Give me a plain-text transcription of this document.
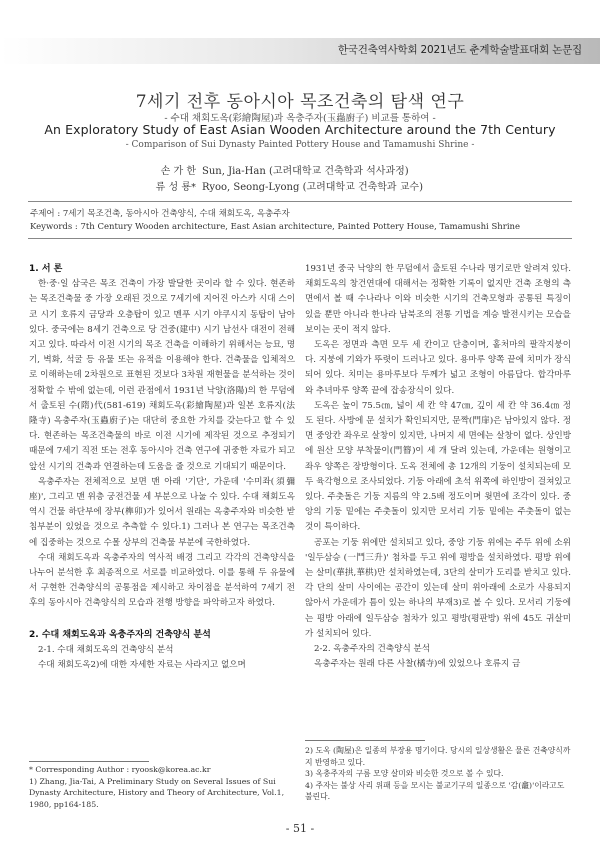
한국건축역사학회 2021년도 춘계학술발표대회 논문집
7세기 전후 동아시아 목조건축의 탐색 연구
- 수대 채회도옥(彩繪陶屋)과 옥충주자(玉蟲廚子) 비교를 통하여 -
An Exploratory Study of East Asian Wooden Architecture around the 7th Century
- Comparison of Sui Dynasty Painted Pottery House and Tamamushi Shrine -
손 가 한 Sun, Jia-Han (고려대학교 건축학과 석사과정)
류 성 룡* Ryoo, Seong-Lyong (고려대학교 건축학과 교수)
주제어 : 7세기 목조건축, 동아시아 건축양식, 수대 채회도옥, 옥충주자
Keywords : 7th Century Wooden architecture, East Asian architecture, Painted Pottery House, Tamamushi Shrine

1. 서 론

한·중·일 삼국은 목조 건축이 가장 발달한 곳이라 할 수 있다. 현존하는 목조건축물 중 가장 오래된 것으로 7세기에 지어진 아스카 시대 스이코 시기 호류지 금당과 오층탑이 있고 멘푸 시기 야쿠시지 동탑이 남아있다. 중국에는 8세기 건축으로 당 건중(建中) 시기 남선사 대전이 전해지고 있다. 따라서 이전 시기의 목조 건축을 이해하기 위해서는 능묘, 명기, 벽화, 석굴 등 유물 또는 유적을 이용해야 한다. 건축물을 입체적으로 이해하는데 2차원으로 표현된 것보다 3차원 재현물을 분석하는 것이 정확할 수 밖에 없는데, 이런 관점에서 1931년 낙양(洛陽)의 한 무덤에서 출토된 수(隋)代(581-619) 채회도옥(彩繪陶屋)과 일본 호류지(法隆寺) 옥충주자(玉蟲廚子)는 대단히 중요한 가치를 갖는다고 할 수 있다. 현존하는 목조건축물의 바로 이전 시기에 제작된 것으로 추정되기 때문에 7세기 직전 또는 전후 동아시아 건축 연구에 귀중한 자료가 되고 앞선 시기의 건축과 연결하는데 도움을 줄 것으로 기대되기 때문이다.

옥충주자는 전체적으로 보면 맨 아래 '기단', 가운데 '수미좌(須彌座)', 그리고 맨 위층 궁전건물 세 부분으로 나눌 수 있다. 수대 채회도옥 역시 건물 하단부에 장부(榫卯)가 있어서 원래는 옥충주자와 비슷한 받침부분이 있었을 것으로 추측할 수 있다.1) 그러나 본 연구는 목조건축에 집중하는 것으로 수몰 상부의 건축물 부분에 국한하였다.

수대 채회도옥과 옥충주자의 역사적 배경 그리고 각각의 건축양식을 나누어 분석한 후 최종적으로 서로를 비교하였다. 이를 통해 두 유물에서 구현한 건축양식의 공통점을 제시하고 차이점을 분석하여 7세기 전후의 동아시아 건축양식의 모습과 전행 방향을 파악하고자 하였다.

2. 수대 채회도옥과 옥충주자의 건축양식 분석

2-1. 수대 채회도옥의 건축양식 분석

수대 채회도옥2)에 대한 자세한 자료는 사라지고 없으며

1931년 중국 낙양의 한 무덤에서 출토된 수나라 명기로만 알려져 있다. 채회도옥의 창건연대에 대해서는 정확한 기록이 없지만 건축 조형의 측면에서 볼 때 수나라나 이와 비슷한 시기의 건축모형과 공통된 특징이 있을 뿐만 아니라 한나라 남북조의 전통 기법을 계승 발전시키는 모습을 보이는 곳이 적지 않다.

도옥은 정면과 측면 모두 세 칸이고 단층이며, 홑처마의 팔작지붕이다. 지붕에 기와가 뚜렷이 드러나고 있다. 용마루 양쪽 끝에 치미가 장식되어 있다. 치미는 용마루보다 두께가 넓고 조형이 아름답다. 합각마루와 추녀마루 양쪽 끝에 잡송장식이 있다.

도옥은 높이 75.5㎝, 넓이 세 칸 약 47㎝, 깊이 세 칸 약 36.4㎝ 정도 된다. 사방에 문 설치가 확인되지만, 문짝(門扉)은 남아있지 않다. 정면 중앙칸 좌우로 살창이 있지만, 나머지 세 면에는 살창이 없다. 상인방에 원산 모양 부착물이(門簪)이 세 개 달려 있는데, 가운데는 원형이고 좌우 양쪽은 장방형이다. 도옥 전체에 총 12개의 기둥이 설치되는데 모두 육각형으로 조사되었다. 기둥 아래에 초석 위쪽에 하인방이 걸쳐있고 있다. 주춧돌은 기둥 지름의 약 2.5배 정도이며 윗면에 조각이 있다. 중앙의 기둥 밑에는 주춧돌이 있지만 모서리 기둥 밑에는 주춧돌이 없는 것이 특이하다.

공포는 기둥 위에만 설치되고 있다, 중앙 기둥 위에는 주두 위에 소위 '일두삼승 (一鬥三升)' 첨차를 두고 위에 평방을 설치하였다. 평방 위에는 살미(華拱,華栱)만 설치하였는데, 3단의 살미가 도리를 받치고 있다. 각 단의 살미 사이에는 공간이 있는데 살미 위아래에 소로가 사용되지 않아서 가운데가 틈이 있는 하나의 부재3)로 볼 수 있다. 모서리 기둥에는 평방 아래에 일두삼승 첨차가 있고 평방(평판방) 위에 45도 귀살미가 설치되어 있다.

2-2. 옥충주자의 건축양식 분석

옥충주자는 원래 다른 사찰(橘寺)에 있었으나 호류지 금

* Corresponding Author : ryoosk@korea.ac.kr
1) Zhang, Jia-Tai, A Preliminary Study on Several Issues of Sui Dynasty Architecture, History and Theory of Architecture, Vol.1, 1980, pp164-185.
2) 도옥 (陶屋)은 일종의 부장용 명기이다. 당시의 일상생활은 물론 건축양식까지 반영하고 있다.
3) 옥충주자의 구름 모양 살미와 비슷한 것으로 볼 수 있다.
4) 주자는 불상 사리 위패 등을 모시는 불교기구의 일종으로 '감(龕)'이라고도 불린다.
- 51 -
